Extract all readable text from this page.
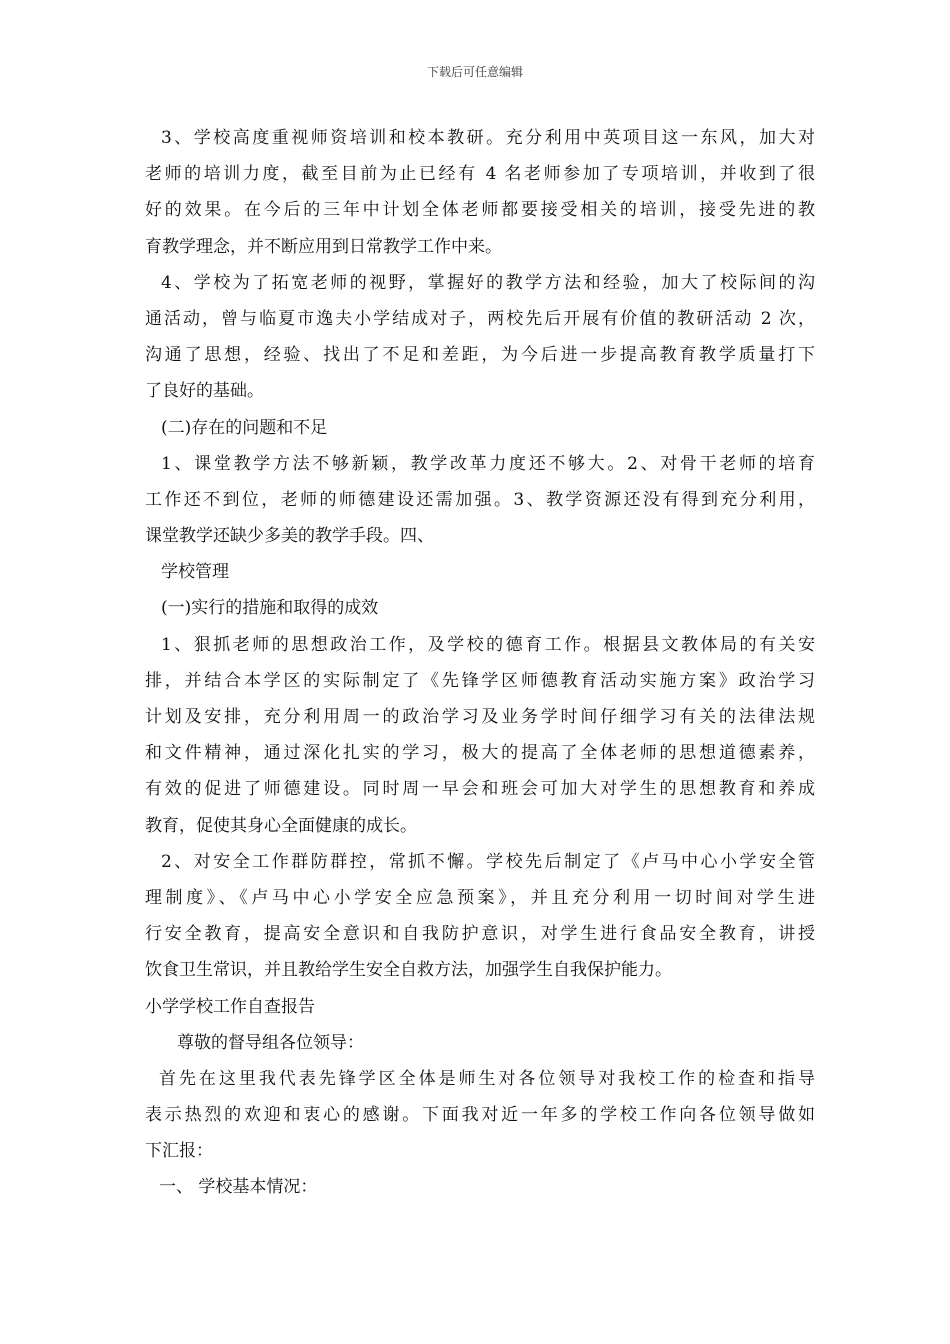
下载后可任意编辑
3、学校高度重视师资培训和校本教研。充分利用中英项目这一东风，加大对
老师的培训力度，截至目前为止已经有 4 名老师参加了专项培训，并收到了很
好的效果。在今后的三年中计划全体老师都要接受相关的培训，接受先进的教
育教学理念，并不断应用到日常教学工作中来。
4、学校为了拓宽老师的视野，掌握好的教学方法和经验，加大了校际间的沟
通活动，曾与临夏市逸夫小学结成对子，两校先后开展有价值的教研活动 2 次，
沟通了思想，经验、找出了不足和差距，为今后进一步提高教育教学质量打下
了良好的基础。
(二)存在的问题和不足
1、课堂教学方法不够新颖，教学改革力度还不够大。2、对骨干老师的培育
工作还不到位，老师的师德建设还需加强。3、教学资源还没有得到充分利用，
课堂教学还缺少多美的教学手段。四、
学校管理
(一)实行的措施和取得的成效
1、狠抓老师的思想政治工作，及学校的德育工作。根据县文教体局的有关安
排，并结合本学区的实际制定了《先锋学区师德教育活动实施方案》政治学习
计划及安排，充分利用周一的政治学习及业务学时间仔细学习有关的法律法规
和文件精神，通过深化扎实的学习，极大的提高了全体老师的思想道德素养，
有效的促进了师德建设。同时周一早会和班会可加大对学生的思想教育和养成
教育，促使其身心全面健康的成长。
2、对安全工作群防群控，常抓不懈。学校先后制定了《卢马中心小学安全管
理制度》、《卢马中心小学安全应急预案》，并且充分利用一切时间对学生进
行安全教育，提高安全意识和自我防护意识，对学生进行食品安全教育，讲授
饮食卫生常识，并且教给学生安全自救方法，加强学生自我保护能力。
小学学校工作自查报告
尊敬的督导组各位领导：
首先在这里我代表先锋学区全体是师生对各位领导对我校工作的检查和指导
表示热烈的欢迎和衷心的感谢。下面我对近一年多的学校工作向各位领导做如
下汇报：
一、 学校基本情况：
